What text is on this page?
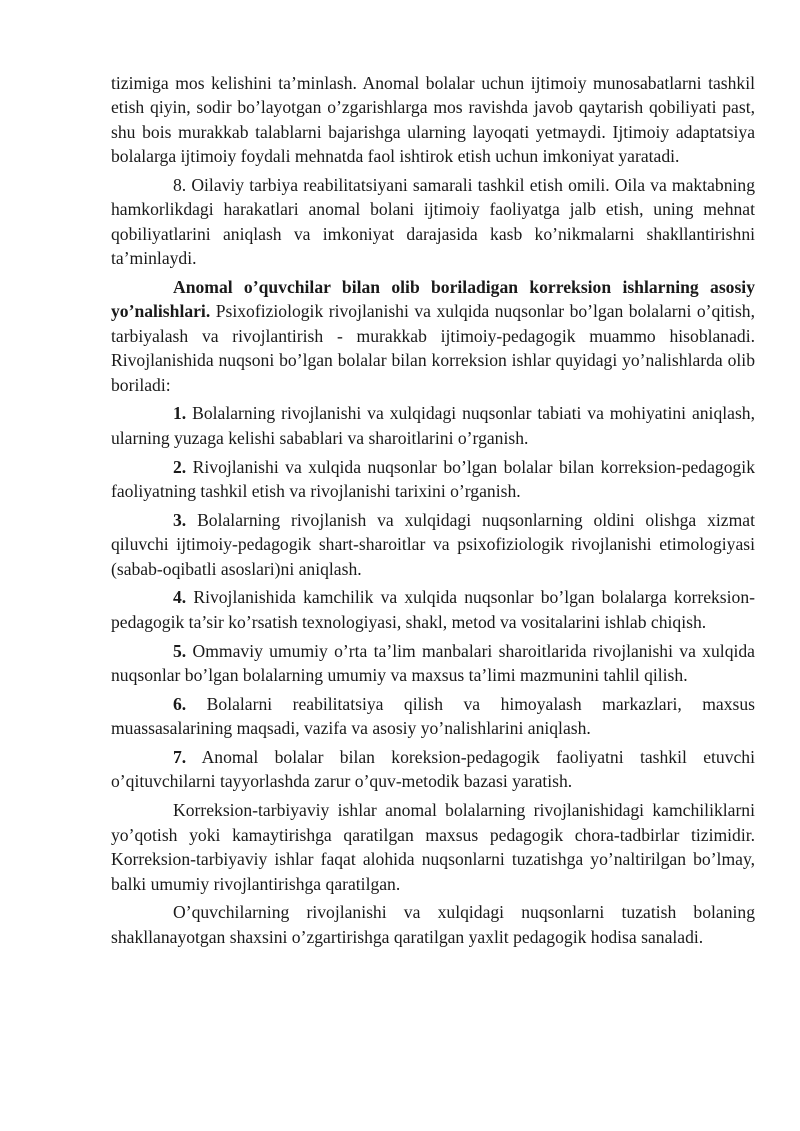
tizimiga mos kelishini ta’minlash. Anomal bolalar uchun ijtimoiy munosabatlarni tashkil etish qiyin, sodir bo’layotgan o’zgarishlarga mos ravishda javob qaytarish qobiliyati past, shu bois murakkab talablarni bajarishga ularning layoqati yetmaydi. Ijtimoiy adaptatsiya bolalarga ijtimoiy foydali mehnatda faol ishtirok etish uchun imkoniyat yaratadi.

8. Oilaviy tarbiya reabilitatsiyani samarali tashkil etish omili. Oila va maktabning hamkorlikdagi harakatlari anomal bolani ijtimoiy faoliyatga jalb etish, uning mehnat qobiliyatlarini aniqlash va imkoniyat darajasida kasb ko’nikmalarni shakllantirishni ta’minlaydi.

Anomal o’quvchilar bilan olib boriladigan korreksion ishlarning asosiy yo’nalishlari. Psixofiziologik rivojlanishi va xulqida nuqsonlar bo’lgan bolalarni o’qitish, tarbiyalash va rivojlantirish - murakkab ijtimoiy-pedagogik muammo hisoblanadi. Rivojlanishida nuqsoni bo’lgan bolalar bilan korreksion ishlar quyidagi yo’nalishlarda olib boriladi:

1. Bolalarning rivojlanishi va xulqidagi nuqsonlar tabiati va mohiyatini aniqlash, ularning yuzaga kelishi sabablari va sharoitlarini o’rganish.

2. Rivojlanishi va xulqida nuqsonlar bo’lgan bolalar bilan korreksion-pedagogik faoliyatning tashkil etish va rivojlanishi tarixini o’rganish.

3. Bolalarning rivojlanish va xulqidagi nuqsonlarning oldini olishga xizmat qiluvchi ijtimoiy-pedagogik shart-sharoitlar va psixofiziologik rivojlanishi etimologiyasi (sabab-oqibatli asoslari)ni aniqlash.

4. Rivojlanishida kamchilik va xulqida nuqsonlar bo’lgan bolalarga korreksion-pedagogik ta’sir ko’rsatish texnologiyasi, shakl, metod va vositalarini ishlab chiqish.

5. Ommaviy umumiy o’rta ta’lim manbalari sharoitlarida rivojlanishi va xulqida nuqsonlar bo’lgan bolalarning umumiy va maxsus ta’limi mazmunini tahlil qilish.

6. Bolalarni reabilitatsiya qilish va himoyalash markazlari, maxsus muassasalarining maqsadi, vazifa va asosiy yo’nalishlarini aniqlash.

7. Anomal bolalar bilan koreksion-pedagogik faoliyatni tashkil etuvchi o’qituvchilarni tayyorlashda zarur o’quv-metodik bazasi yaratish.

Korreksion-tarbiyaviy ishlar anomal bolalarning rivojlanishidagi kamchiliklarni yo’qotish yoki kamaytirishga qaratilgan maxsus pedagogik chora-tadbirlar tizimidir. Korreksion-tarbiyaviy ishlar faqat alohida nuqsonlarni tuzatishga yo’naltirilgan bo’lmay, balki umumiy rivojlantirishga qaratilgan.

O’quvchilarning rivojlanishi va xulqidagi nuqsonlarni tuzatish bolaning shakllanayotgan shaxsini o’zgartirishga qaratilgan yaxlit pedagogik hodisa sanaladi.
